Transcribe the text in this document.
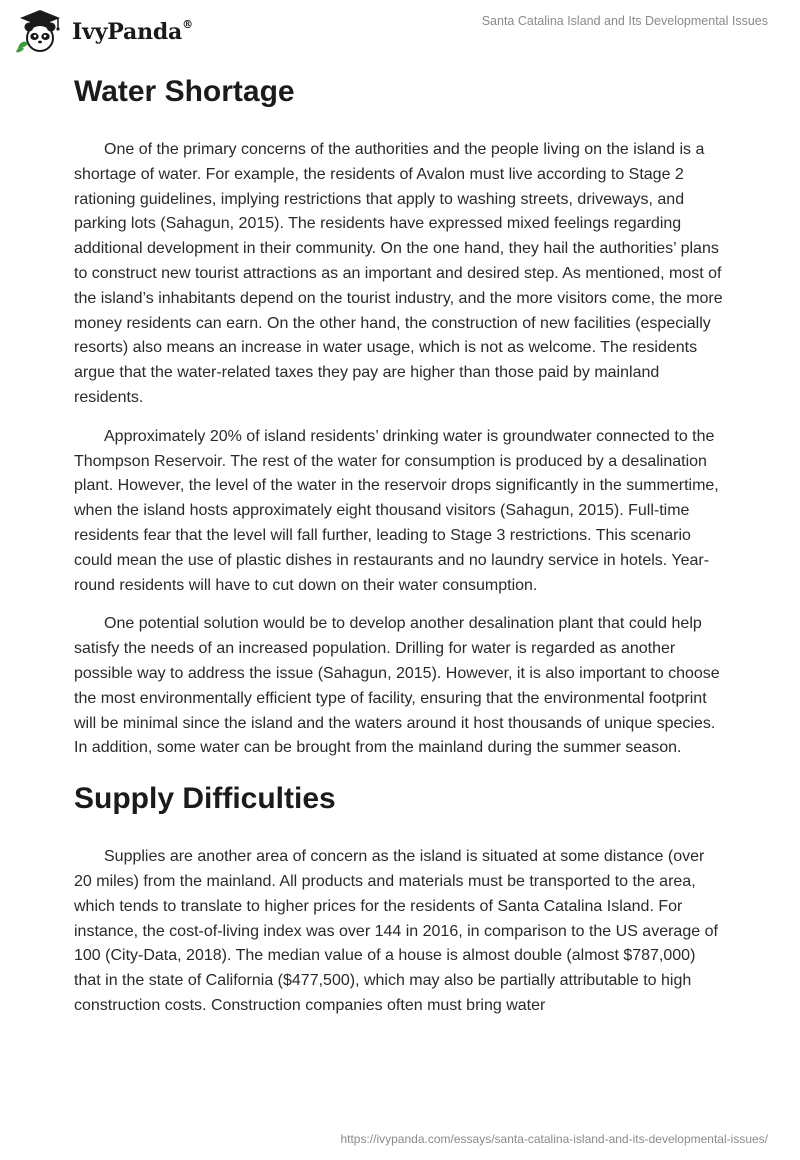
IvyPanda®	Santa Catalina Island and Its Developmental Issues
Water Shortage

One of the primary concerns of the authorities and the people living on the island is a shortage of water. For example, the residents of Avalon must live according to Stage 2 rationing guidelines, implying restrictions that apply to washing streets, driveways, and parking lots (Sahagun, 2015). The residents have expressed mixed feelings regarding additional development in their community. On the one hand, they hail the authorities’ plans to construct new tourist attractions as an important and desired step. As mentioned, most of the island’s inhabitants depend on the tourist industry, and the more visitors come, the more money residents can earn. On the other hand, the construction of new facilities (especially resorts) also means an increase in water usage, which is not as welcome. The residents argue that the water-related taxes they pay are higher than those paid by mainland residents.

Approximately 20% of island residents’ drinking water is groundwater connected to the Thompson Reservoir. The rest of the water for consumption is produced by a desalination plant. However, the level of the water in the reservoir drops significantly in the summertime, when the island hosts approximately eight thousand visitors (Sahagun, 2015). Full-time residents fear that the level will fall further, leading to Stage 3 restrictions. This scenario could mean the use of plastic dishes in restaurants and no laundry service in hotels. Year-round residents will have to cut down on their water consumption.

One potential solution would be to develop another desalination plant that could help satisfy the needs of an increased population. Drilling for water is regarded as another possible way to address the issue (Sahagun, 2015). However, it is also important to choose the most environmentally efficient type of facility, ensuring that the environmental footprint will be minimal since the island and the waters around it host thousands of unique species. In addition, some water can be brought from the mainland during the summer season.

Supply Difficulties

Supplies are another area of concern as the island is situated at some distance (over 20 miles) from the mainland. All products and materials must be transported to the area, which tends to translate to higher prices for the residents of Santa Catalina Island. For instance, the cost-of-living index was over 144 in 2016, in comparison to the US average of 100 (City-Data, 2018). The median value of a house is almost double (almost $787,000) that in the state of California ($477,500), which may also be partially attributable to high construction costs. Construction companies often must bring water

https://ivypanda.com/essays/santa-catalina-island-and-its-developmental-issues/
